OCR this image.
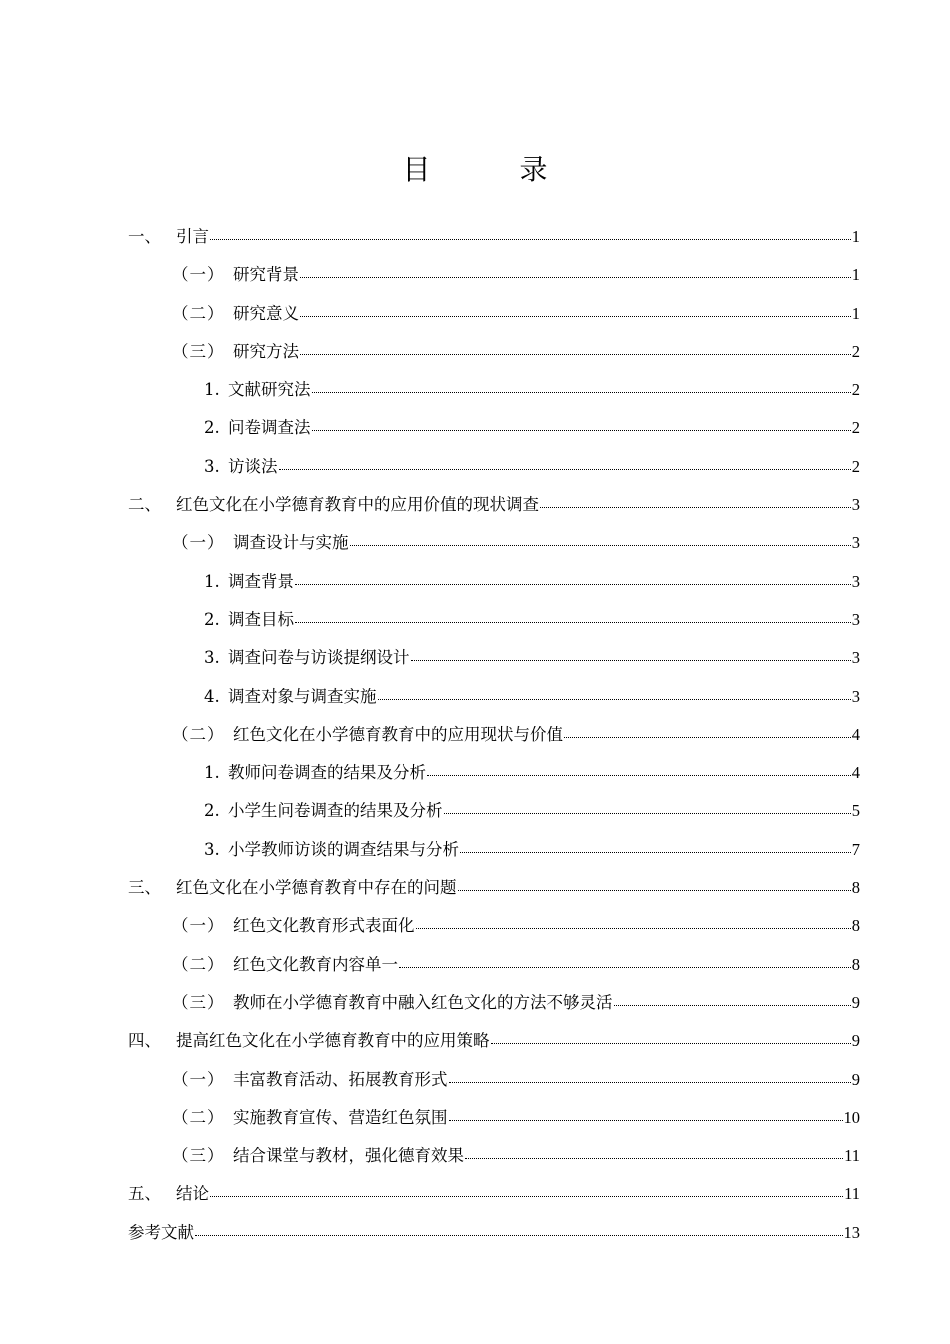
目 录
一、 引言	1
（一） 研究背景	1
（二） 研究意义	1
（三） 研究方法	2
1. 文献研究法	2
2. 问卷调查法	2
3. 访谈法	2
二、 红色文化在小学德育教育中的应用价值的现状调查	3
（一） 调查设计与实施	3
1. 调查背景	3
2. 调查目标	3
3. 调查问卷与访谈提纲设计	3
4. 调查对象与调查实施	3
（二） 红色文化在小学德育教育中的应用现状与价值	4
1. 教师问卷调查的结果及分析	4
2. 小学生问卷调查的结果及分析	5
3. 小学教师访谈的调查结果与分析	7
三、 红色文化在小学德育教育中存在的问题	8
（一） 红色文化教育形式表面化	8
（二） 红色文化教育内容单一	8
（三） 教师在小学德育教育中融入红色文化的方法不够灵活	9
四、 提高红色文化在小学德育教育中的应用策略	9
（一） 丰富教育活动、拓展教育形式	9
（二） 实施教育宣传、营造红色氛围	10
（三） 结合课堂与教材，强化德育效果	11
五、 结论	11
参考文献	13
